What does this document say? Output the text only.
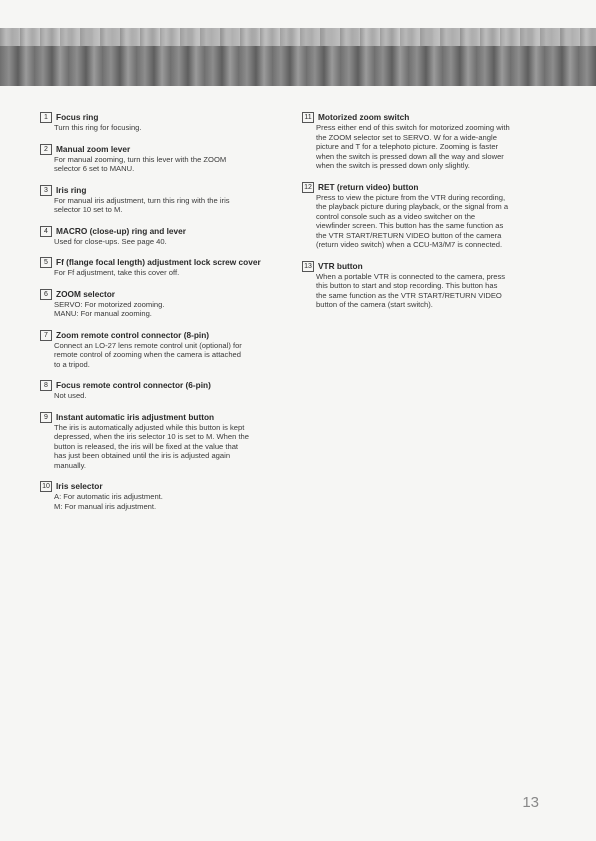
1 Focus ring
Turn this ring for focusing.
2 Manual zoom lever
For manual zooming, turn this lever with the ZOOM
selector 6 set to MANU.
3 Iris ring
For manual iris adjustment, turn this ring with the iris
selector 10 set to M.
4 MACRO (close-up) ring and lever
Used for close-ups. See page 40.
5 Ff (flange focal length) adjustment lock screw cover
For Ff adjustment, take this cover off.
6 ZOOM selector
SERVO: For motorized zooming.
MANU: For manual zooming.
7 Zoom remote control connector (8-pin)
Connect an LO-27 lens remote control unit (optional) for
remote control of zooming when the camera is attached
to a tripod.
8 Focus remote control connector (6-pin)
Not used.
9 Instant automatic iris adjustment button
The iris is automatically adjusted while this button is kept
depressed, when the iris selector 10 is set to M. When the
button is released, the iris will be fixed at the value that
has just been obtained until the iris is adjusted again
manually.
10 Iris selector
A: For automatic iris adjustment.
M: For manual iris adjustment.
11 Motorized zoom switch
Press either end of this switch for motorized zooming with
the ZOOM selector set to SERVO. W for a wide-angle
picture and T for a telephoto picture. Zooming is faster
when the switch is pressed down all the way and slower
when the switch is pressed down only slightly.
12 RET (return video) button
Press to view the picture from the VTR during recording,
the playback picture during playback, or the signal from a
control console such as a video switcher on the
viewfinder screen. This button has the same function as
the VTR START/RETURN VIDEO button of the camera
(return video switch) when a CCU-M3/M7 is connected.
13 VTR button
When a portable VTR is connected to the camera, press
this button to start and stop recording. This button has
the same function as the VTR START/RETURN VIDEO
button of the camera (start switch).
13
